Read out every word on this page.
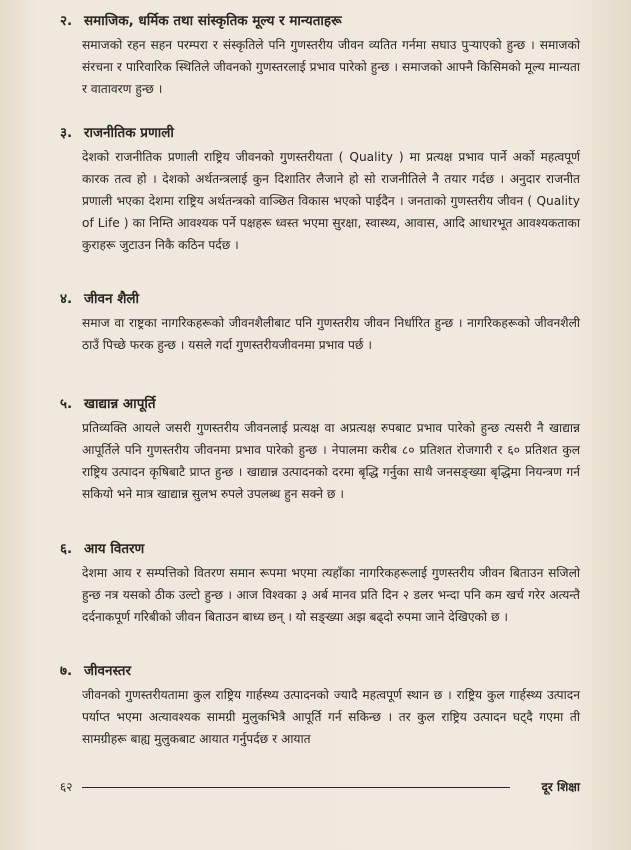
२. समाजिक, धर्मिक तथा सांस्कृतिक मूल्य र मान्यताहरू
समाजको रहन सहन परम्परा र संस्कृतिले पनि गुणस्तरीय जीवन व्यतित गर्नमा सघाउ पुऱ्याएको हुन्छ । समाजको संरचना र पारिवारिक स्थितिले जीवनको गुणस्तरलाई प्रभाव पारेको हुन्छ । समाजको आफ्नै किसिमको मूल्य मान्यता र वातावरण हुन्छ ।
३. राजनीतिक प्रणाली
देशको राजनीतिक प्रणाली राष्ट्रिय जीवनको गुणस्तरीयता ( Quality ) मा प्रत्यक्ष प्रभाव पार्ने अर्को महत्वपूर्ण कारक तत्व हो । देशको अर्थतन्त्रलाई कुन दिशातिर लैजाने हो सो राजनीतिले नै तयार गर्दछ । अनुदार राजनीत प्रणाली भएका देशमा राष्ट्रिय अर्थतन्त्रको वाञ्छित विकास भएको पाईदैन । जनताको गुणस्तरीय जीवन ( Quality of Life ) का निम्ति आवश्यक पर्ने पक्षहरू ध्वस्त भएमा सुरक्षा, स्वास्थ्य, आवास, आदि आधारभूत आवश्यकताका कुराहरू जुटाउन निकै कठिन पर्दछ ।
४. जीवन शैली
समाज वा राष्ट्रका नागरिकहरूको जीवनशैलीबाट पनि गुणस्तरीय जीवन निर्धारित हुन्छ । नागरिकहरूको जीवनशैली ठाउँ पिच्छे फरक हुन्छ । यसले गर्दा गुणस्तरीयजीवनमा प्रभाव पर्छ ।
५. खाद्यान्न आपूर्ति
प्रतिव्यक्ति आयले जसरी गुणस्तरीय जीवनलाई प्रत्यक्ष वा अप्रत्यक्ष रुपबाट प्रभाव पारेको हुन्छ त्यसरी नै खाद्यान्न आपूर्तिले पनि गुणस्तरीय जीवनमा प्रभाव पारेको हुन्छ । नेपालमा करीब ८० प्रतिशत रोजगारी र ६० प्रतिशत कुल राष्ट्रिय उत्पादन कृषिबाटै प्राप्त हुन्छ । खाद्यान्न उत्पादनको दरमा बृद्धि गर्नुका साथै जनसङ्ख्या बृद्धिमा नियन्त्रण गर्न सकियो भने मात्र खाद्यान्न सुलभ रुपले उपलब्ध हुन सक्ने छ ।
६. आय वितरण
देशमा आय र सम्पत्तिको वितरण समान रूपमा भएमा त्यहाँका नागरिकहरूलाई गुणस्तरीय जीवन बिताउन सजिलो हुन्छ नत्र यसको ठीक उल्टो हुन्छ । आज विश्वका ३ अर्ब मानव प्रति दिन २ डलर भन्दा पनि कम खर्च गरेर अत्यन्तै दर्दनाकपूर्ण गरिबीको जीवन बिताउन बाध्य छन् । यो सङ्ख्या अझ बढ्दो रुपमा जाने देखिएको छ ।
७. जीवनस्तर
जीवनको गुणस्तरीयतामा कुल राष्ट्रिय गार्हस्थ्य उत्पादनको ज्यादै महत्वपूर्ण स्थान छ । राष्ट्रिय कुल गार्हस्थ्य उत्पादन पर्याप्त भएमा अत्यावश्यक सामग्री मुलुकभित्रै आपूर्ति गर्न सकिन्छ । तर कुल राष्ट्रिय उत्पादन घट्दै गएमा ती सामग्रीहरू बाह्य मुलुकबाट आयात गर्नुपर्दछ र आयात
६२	दूर शिक्षा
